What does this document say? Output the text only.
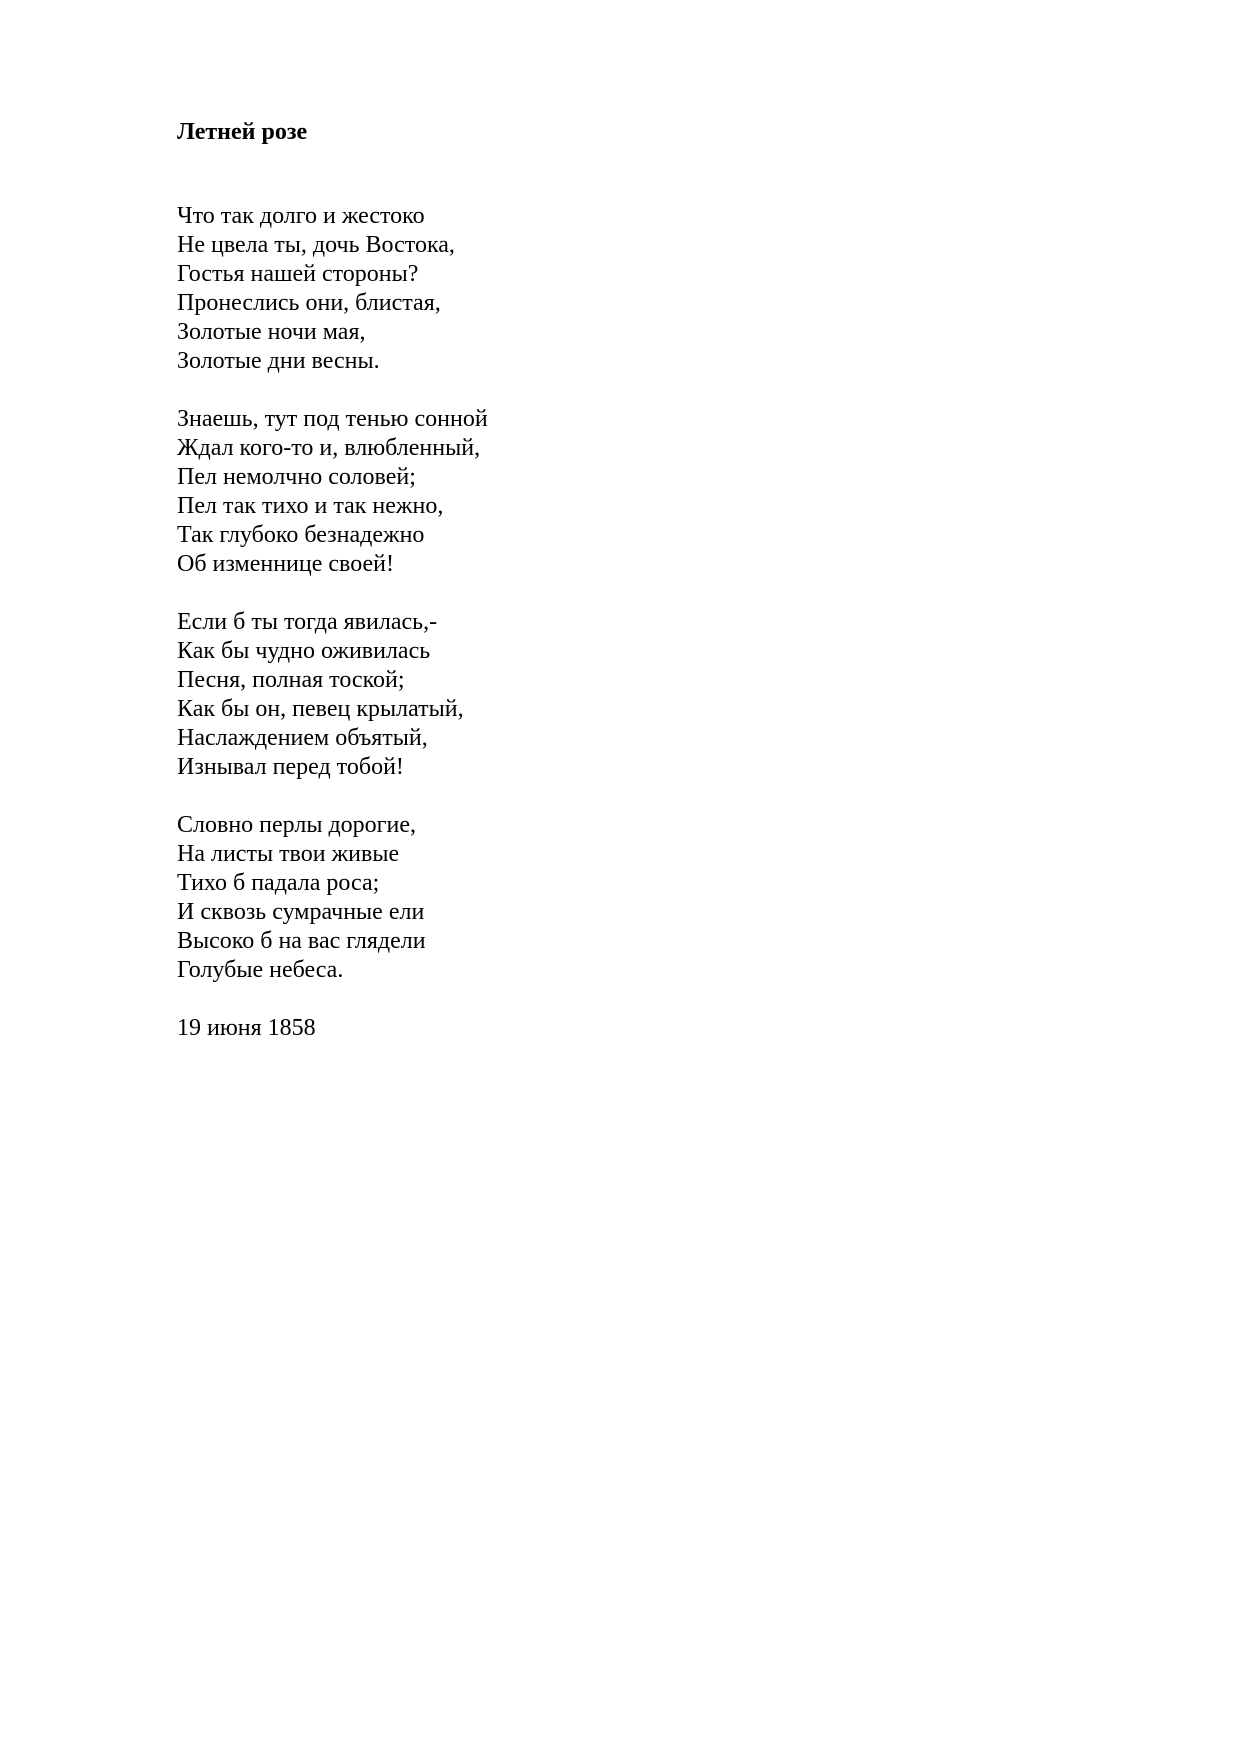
Летней розе
Что так долго и жестоко
Не цвела ты, дочь Востока,
Гостья нашей стороны?
Пронеслись они, блистая,
Золотые ночи мая,
Золотые дни весны.
Знаешь, тут под тенью сонной
Ждал кого-то и, влюбленный,
Пел немолчно соловей;
Пел так тихо и так нежно,
Так глубоко безнадежно
Об изменнице своей!
Если б ты тогда явилась,-
Как бы чудно оживилась
Песня, полная тоской;
Как бы он, певец крылатый,
Наслаждением объятый,
Изнывал перед тобой!
Словно перлы дорогие,
На листы твои живые
Тихо б падала роса;
И сквозь сумрачные ели
Высоко б на вас глядели
Голубые небеса.

19 июня 1858
